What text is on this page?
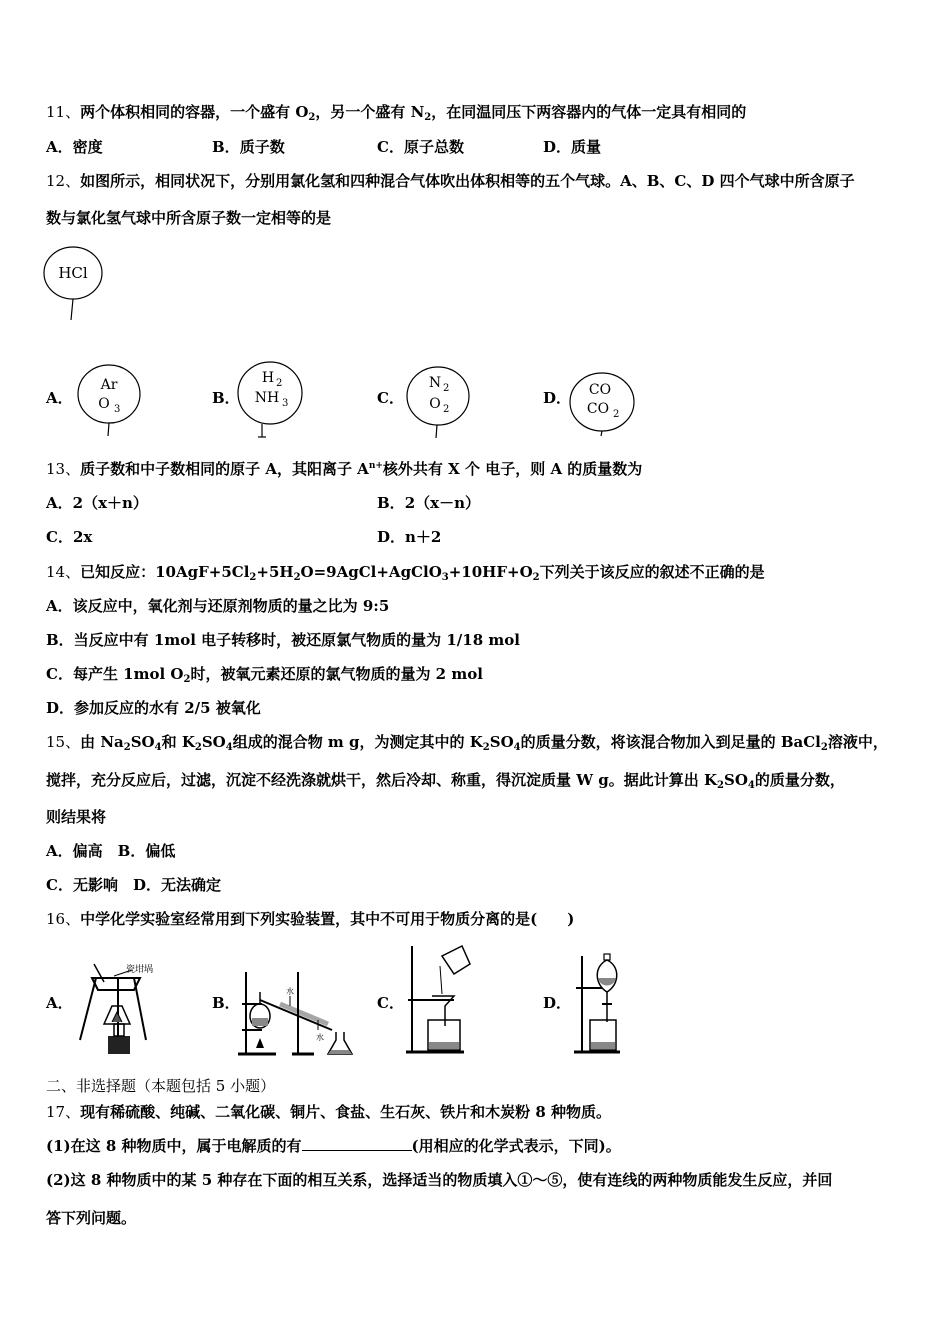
11、两个体积相同的容器，一个盛有 $O_2$，另一个盛有 $N_2$，在同温同压下两容器内的气体一定具有相同的
A．密度	B．质子数	C．原子总数	D．质量
12、如图所示，相同状况下，分别用氯化氢和四种混合气体吹出体积相等的五个气球。A、B、C、D 四个气球中所含原子
数与氯化氢气球中所含原子数一定相等的是
HCl
A．
Ar
O 3
B．
H 2
NH 3	C．
N 2
O 2
D． CO
CO 2
13、质子数和中子数相同的原子 A，其阳离子 $A^{n+}$核外共有 X 个 电子，则 A 的质量数为
A．2（x＋n）	B．2（x－n）
C．2x	D．n＋2
14、已知反应：$10AgF+5Cl_2+5H_2O=9AgCl+AgClO_3+10HF+O_2$下列关于该反应的叙述不正确的是
A．该反应中，氧化剂与还原剂物质的量之比为 9:5
B．当反应中有 1mol 电子转移时，被还原氯气物质的量为 1/18 mol
C．每产生 1mol $O_2$时，被氧元素还原的氯气物质的量为 2 mol
D．参加反应的水有 2/5 被氧化
15、由 $Na_2SO_4$和 $K_2SO_4$组成的混合物 m g，为测定其中的 $K_2SO_4$的质量分数，将该混合物加入到足量的 BaCl$_2$溶液中，
搅拌，充分反应后，过滤，沉淀不经洗涤就烘干，然后冷却、称重，得沉淀质量 W g。据此计算出 $K_2SO_4$的质量分数，
则结果将
A．偏高　B．偏低
C．无影响　D．无法确定
16、中学化学实验室经常用到下列实验装置，其中不可用于物质分离的是(　　)
A．
瓷坩埚
B．
水
水
C．	D．
二、非选择题（本题包括 5 小题）
17、现有稀硫酸、纯碱、二氧化碳、铜片、食盐、生石灰、铁片和木炭粉 8 种物质。
(1)在这 8 种物质中，属于电解质的有	(用相应的化学式表示，下同)。
(2)这 8 种物质中的某 5 种存在下面的相互关系，选择适当的物质填入①～⑤，使有连线的两种物质能发生反应，并回
答下列问题。
